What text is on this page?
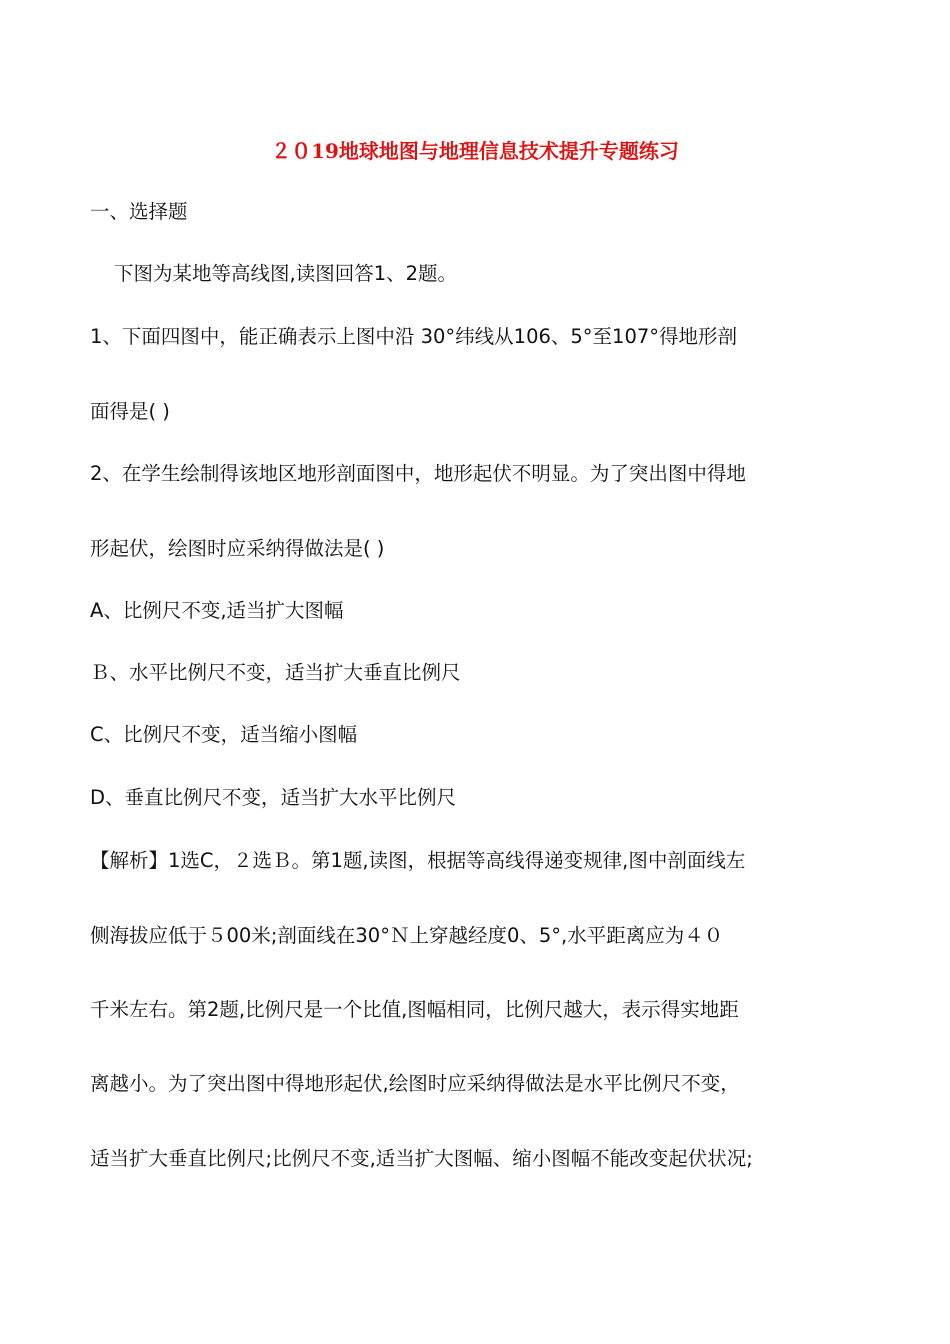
２０19地球地图与地理信息技术提升专题练习
一、选择题
下图为某地等高线图,读图回答1、2题。
1、下面四图中，能正确表示上图中沿 30°纬线从106、5°至107°得地形剖
面得是( )
2、在学生绘制得该地区地形剖面图中，地形起伏不明显。为了突出图中得地
形起伏，绘图时应采纳得做法是( )
A、比例尺不变,适当扩大图幅
Ｂ、水平比例尺不变，适当扩大垂直比例尺
C、比例尺不变，适当缩小图幅
D、垂直比例尺不变，适当扩大水平比例尺
【解析】1选C，２选Ｂ。第1题,读图，根据等高线得递变规律,图中剖面线左
侧海拔应低于５00米;剖面线在30°Ｎ上穿越经度0、5°,水平距离应为４０
千米左右。第2题,比例尺是一个比值,图幅相同，比例尺越大，表示得实地距
离越小。为了突出图中得地形起伏,绘图时应采纳得做法是水平比例尺不变，
适当扩大垂直比例尺;比例尺不变,适当扩大图幅、缩小图幅不能改变起伏状况;
